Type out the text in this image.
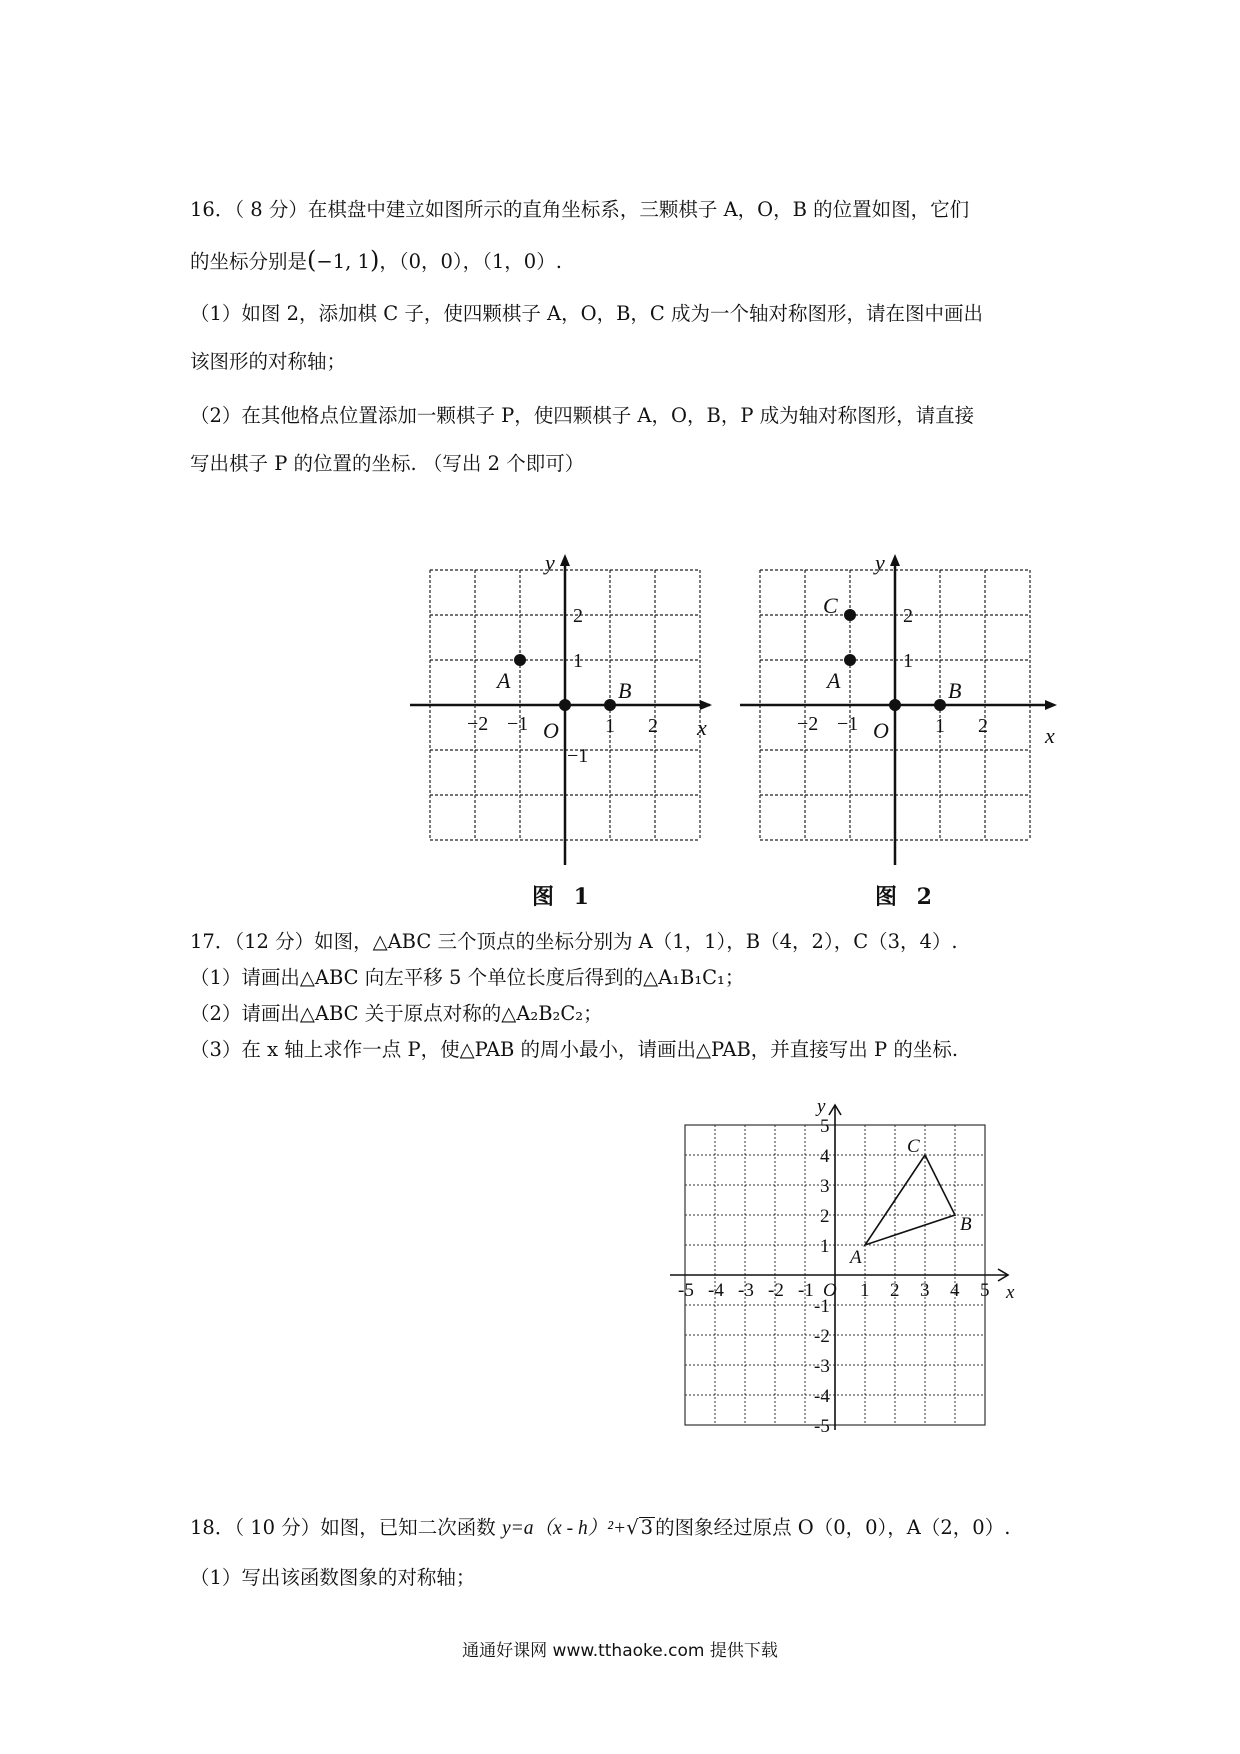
16．（ 8 分）在棋盘中建立如图所示的直角坐标系，三颗棋子 A，O，B 的位置如图，它们
的坐标分别是(−1, 1)，（0，0），（1，0）.
（1）如图 2，添加棋 C 子，使四颗棋子 A，O，B，C 成为一个轴对称图形，请在图中画出
该图形的对称轴；
（2）在其他格点位置添加一颗棋子 P，使四颗棋子 A，O，B，P 成为轴对称图形，请直接
写出棋子 P 的位置的坐标. （写出 2 个即可）
y
x
A	B
O
−2 −1	1 2
2
1
−1
图 1
y
x
C
A	B
O
−2 −1	1 2
2
1
图 2
17．（12 分）如图，△ABC 三个顶点的坐标分别为 A（1，1），B（4，2），C（3，4）.
（1）请画出△ABC 向左平移 5 个单位长度后得到的△A₁B₁C₁；
（2）请画出△ABC 关于原点对称的△A₂B₂C₂；
（3）在 x 轴上求作一点 P，使△PAB 的周小最小，请画出△PAB，并直接写出 P 的坐标.
y
x
A
B
C
O
-5 -4 -3 -2 -1 1 2 3 4 5
5
4
3
2
1
-1
-2
-3
-4
-5
18．（ 10 分）如图，已知二次函数 y=a（x - h）²+√ 3 的图象经过原点 O（0，0），A（2，0）.
（1）写出该函数图象的对称轴；
通通好课网 www.tthaoke.com 提供下载
